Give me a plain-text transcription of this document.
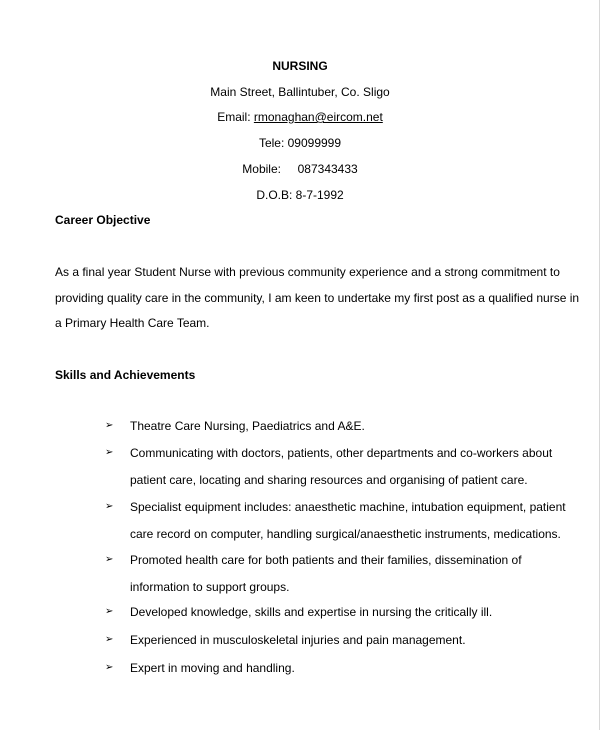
NURSING
Main Street, Ballintuber, Co. Sligo
Email: rmonaghan@eircom.net
Tele: 09099999
Mobile:     087343433
D.O.B: 8-7-1992
Career Objective
As a final year Student Nurse with previous community experience and a strong commitment to
providing quality care in the community, I am keen to undertake my first post as a qualified nurse in
a Primary Health Care Team.
Skills and Achievements
➢ Theatre Care Nursing, Paediatrics and A&E.
➢ Communicating with doctors, patients, other departments and co-workers about
patient care, locating and sharing resources and organising of patient care.
➢ Specialist equipment includes: anaesthetic machine, intubation equipment, patient
care record on computer, handling surgical/anaesthetic instruments, medications.
➢ Promoted health care for both patients and their families, dissemination of
information to support groups.
➢ Developed knowledge, skills and expertise in nursing the critically ill.
➢ Experienced in musculoskeletal injuries and pain management.
➢ Expert in moving and handling.
